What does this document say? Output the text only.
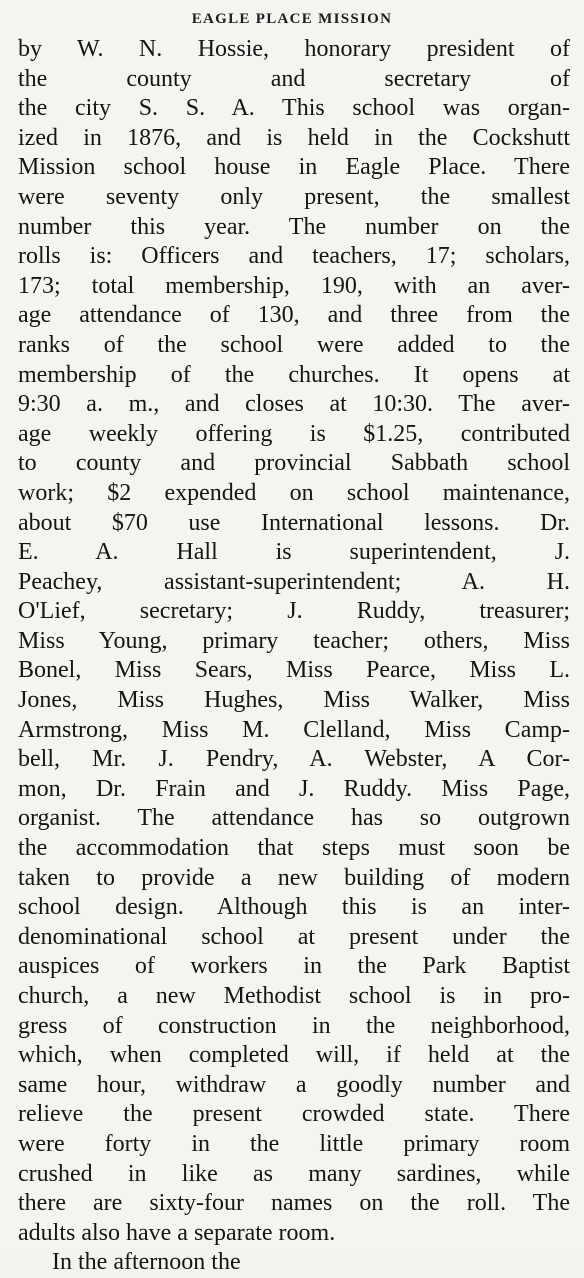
EAGLE PLACE MISSION
by W. N. Hossie, honorary president of
the county and secretary of
the city S. S. A. This school was organ-
ized in 1876, and is held in the Cockshutt
Mission school house in Eagle Place. There
were seventy only present, the smallest
number this year. The number on the
rolls is: Officers and teachers, 17; scholars,
173; total membership, 190, with an aver-
age attendance of 130, and three from the
ranks of the school were added to the
membership of the churches. It opens at
9:30 a. m., and closes at 10:30. The aver-
age weekly offering is $1.25, contributed
to county and provincial Sabbath school
work; $2 expended on school maintenance,
about $70 use International lessons. Dr.
E. A. Hall is superintendent, J.
Peachey, assistant-superintendent; A. H.
O'Lief, secretary; J. Ruddy, treasurer;
Miss Young, primary teacher; others, Miss
Bonel, Miss Sears, Miss Pearce, Miss L.
Jones, Miss Hughes, Miss Walker, Miss
Armstrong, Miss M. Clelland, Miss Camp-
bell, Mr. J. Pendry, A. Webster, A Cor-
mon, Dr. Frain and J. Ruddy. Miss Page,
organist. The attendance has so outgrown
the accommodation that steps must soon be
taken to provide a new building of modern
school design. Although this is an inter-
denominational school at present under the
auspices of workers in the Park Baptist
church, a new Methodist school is in pro-
gress of construction in the neighborhood,
which, when completed will, if held at the
same hour, withdraw a goodly number and
relieve the present crowded state. There
were forty in the little primary room
crushed in like as many sardines, while
there are sixty-four names on the roll. The
adults also have a separate room.
In the afternoon the
